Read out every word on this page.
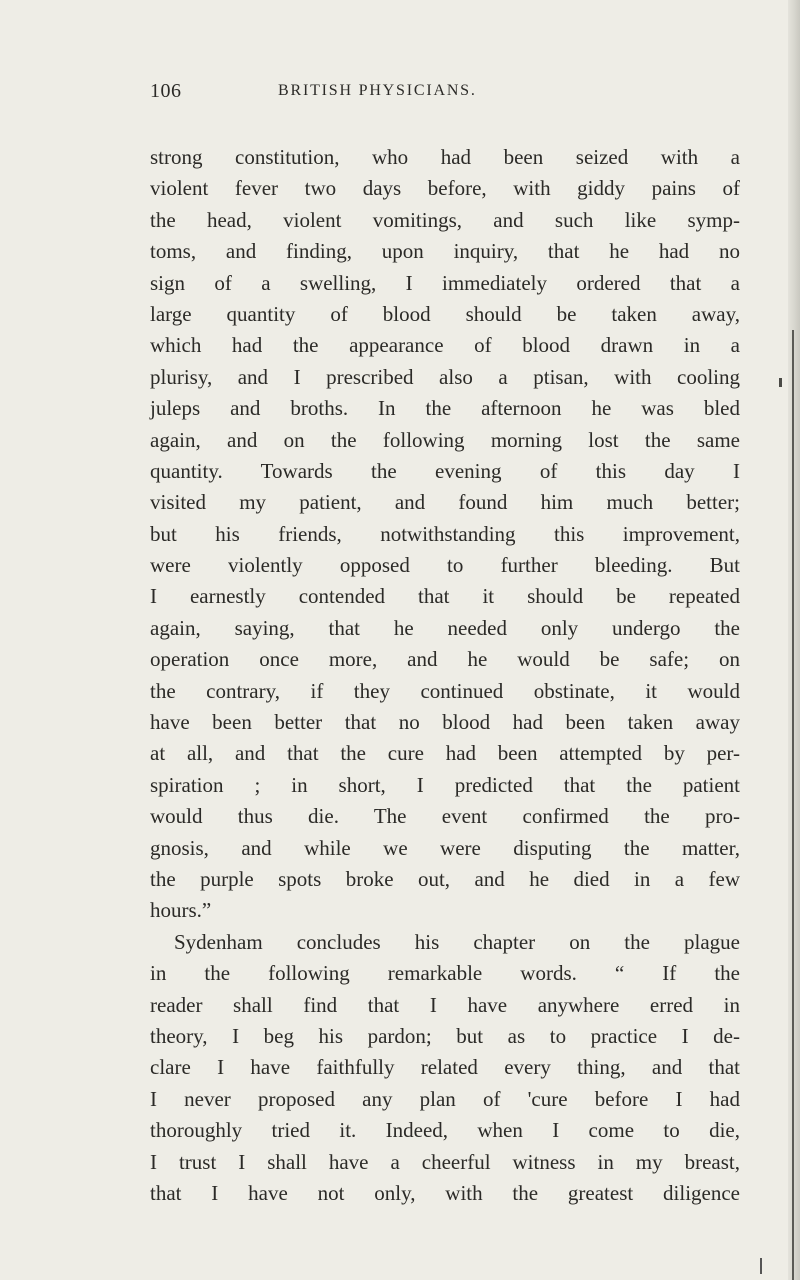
106	BRITISH PHYSICIANS.
strong constitution, who had been seized with a
violent fever two days before, with giddy pains of
the head, violent vomitings, and such like symp-
toms, and finding, upon inquiry, that he had no
sign of a swelling, I immediately ordered that a
large quantity of blood should be taken away,
which had the appearance of blood drawn in a
plurisy, and I prescribed also a ptisan, with cooling
juleps and broths. In the afternoon he was bled
again, and on the following morning lost the same
quantity. Towards the evening of this day I
visited my patient, and found him much better;
but his friends, notwithstanding this improvement,
were violently opposed to further bleeding. But
I earnestly contended that it should be repeated
again, saying, that he needed only undergo the
operation once more, and he would be safe; on
the contrary, if they continued obstinate, it would
have been better that no blood had been taken away
at all, and that the cure had been attempted by per-
spiration ; in short, I predicted that the patient
would thus die. The event confirmed the pro-
gnosis, and while we were disputing the matter,
the purple spots broke out, and he died in a few
hours.”
Sydenham concludes his chapter on the plague
in the following remarkable words. “ If the
reader shall find that I have anywhere erred in
theory, I beg his pardon; but as to practice I de-
clare I have faithfully related every thing, and that
I never proposed any plan of 'cure before I had
thoroughly tried it. Indeed, when I come to die,
I trust I shall have a cheerful witness in my breast,
that I have not only, with the greatest diligence
